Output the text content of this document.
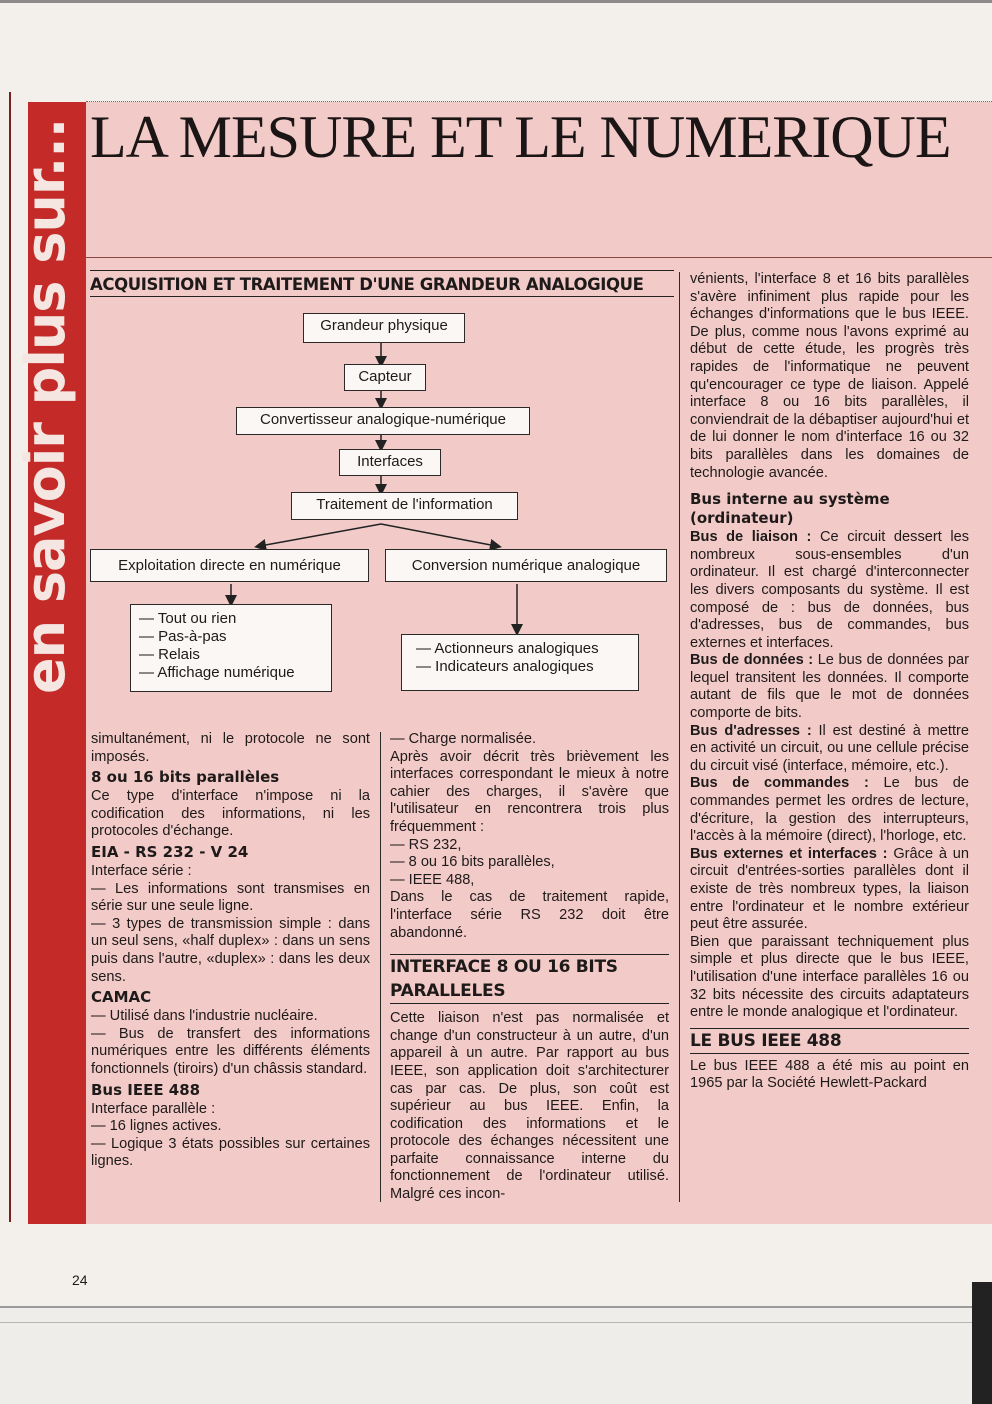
en savoir plus sur... LA MESURE ET LE NUMERIQUE
ACQUISITION ET TRAITEMENT D'UNE GRANDEUR ANALOGIQUE
Grandeur physique
Capteur
Convertisseur analogique-numérique
Interfaces
Traitement de l'information
Exploitation directe en numérique	Conversion numérique analogique
— Tout ou rien
— Pas-à-pas
— Relais
— Affichage numérique
— Actionneurs analogiques
— Indicateurs analogiques

simultanément, ni le protocole ne sont imposés.

8 ou 16 bits parallèles

Ce type d'interface n'impose ni la codification des informations, ni les protocoles d'échange.

EIA - RS 232 - V 24

Interface série :

— Les informations sont transmises en série sur une seule ligne.

— 3 types de transmission simple : dans un seul sens, «half duplex» : dans un sens puis dans l'autre, «duplex» : dans les deux sens.

CAMAC

— Utilisé dans l'industrie nucléaire.

— Bus de transfert des informations numériques entre les différents éléments fonctionnels (tiroirs) d'un châssis standard.

Bus IEEE 488

Interface parallèle :

— 16 lignes actives.

— Logique 3 états possibles sur certaines lignes.

— Charge normalisée.

Après avoir décrit très brièvement les interfaces correspondant le mieux à notre cahier des charges, il s'avère que l'utilisateur en rencontrera trois plus fréquemment :

— RS 232,

— 8 ou 16 bits parallèles,

— IEEE 488,

Dans le cas de traitement rapide, l'interface série RS 232 doit être abandonné.

INTERFACE 8 OU 16 BITS PARALLELES

Cette liaison n'est pas normalisée et change d'un constructeur à un autre, d'un appareil à un autre. Par rapport au bus IEEE, son application doit s'architecturer cas par cas. De plus, son coût est supérieur au bus IEEE. Enfin, la codification des informations et le protocole des échanges nécessitent une parfaite connaissance interne du fonctionnement de l'ordinateur utilisé. Malgré ces incon-

vénients, l'interface 8 et 16 bits parallèles s'avère infiniment plus rapide pour les échanges d'informations que le bus IEEE. De plus, comme nous l'avons exprimé au début de cette étude, les progrès très rapides de l'informatique ne peuvent qu'encourager ce type de liaison. Appelé interface 8 ou 16 bits parallèles, il conviendrait de la débaptiser aujourd'hui et de lui donner le nom d'interface 16 ou 32 bits parallèles dans les domaines de technologie avancée.

Bus interne au système (ordinateur)

Bus de liaison : Ce circuit dessert les nombreux sous-ensembles d'un ordinateur. Il est chargé d'interconnecter les divers composants du système. Il est composé de : bus de données, bus d'adresses, bus de commandes, bus externes et interfaces.

Bus de données : Le bus de données par lequel transitent les données. Il comporte autant de fils que le mot de données comporte de bits.

Bus d'adresses : Il est destiné à mettre en activité un circuit, ou une cellule précise du circuit visé (interface, mémoire, etc.).

Bus de commandes : Le bus de commandes permet les ordres de lecture, d'écriture, la gestion des interrupteurs, l'accès à la mémoire (direct), l'horloge, etc.

Bus externes et interfaces : Grâce à un circuit d'entrées-sorties parallèles dont il existe de très nombreux types, la liaison entre l'ordinateur et le nombre extérieur peut être assurée.

Bien que paraissant techniquement plus simple et plus directe que le bus IEEE, l'utilisation d'une interface parallèles 16 ou 32 bits nécessite des circuits adaptateurs entre le monde analogique et l'ordinateur.

LE BUS IEEE 488

Le bus IEEE 488 a été mis au point en 1965 par la Société Hewlett-Packard

24
